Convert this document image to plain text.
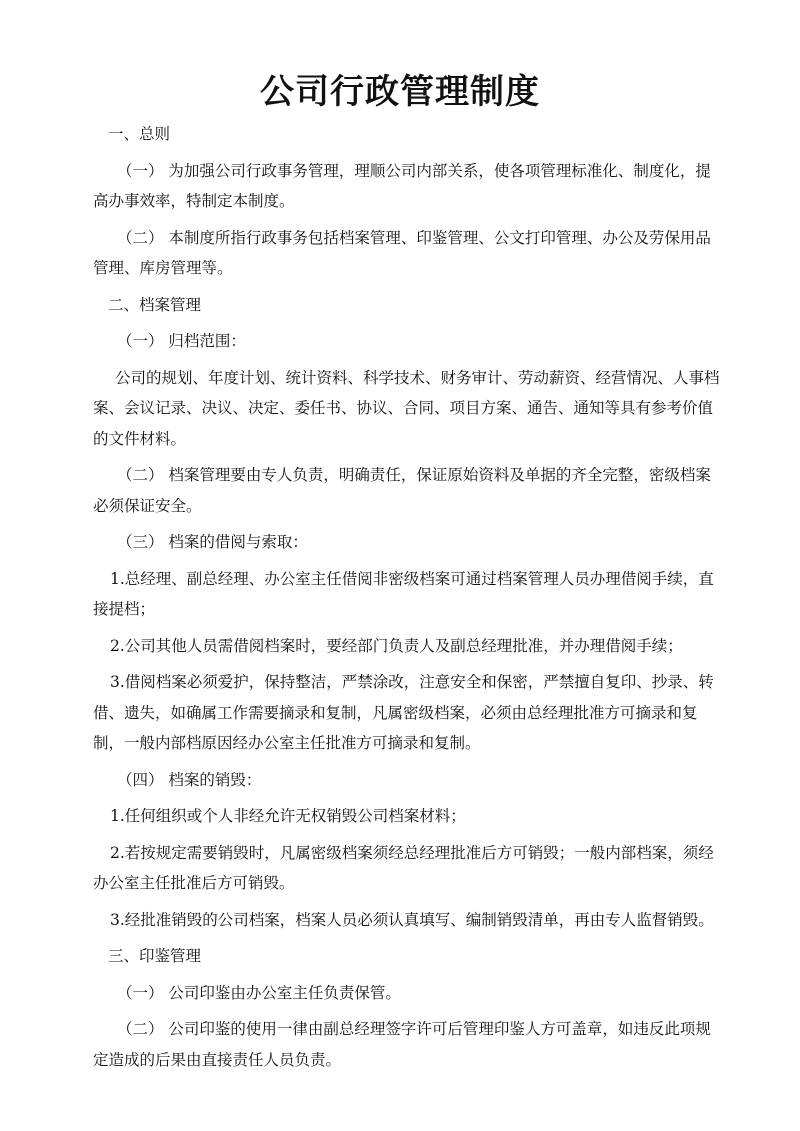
公司行政管理制度

一、总则

（一） 为加强公司行政事务管理，理顺公司内部关系，使各项管理标准化、制度化，提高办事效率，特制定本制度。

（二） 本制度所指行政事务包括档案管理、印鉴管理、公文打印管理、办公及劳保用品管理、库房管理等。

二、档案管理

（一） 归档范围：

公司的规划、年度计划、统计资料、科学技术、财务审计、劳动薪资、经营情况、人事档案、会议记录、决议、决定、委任书、协议、合同、项目方案、通告、通知等具有参考价值的文件材料。

（二） 档案管理要由专人负责，明确责任，保证原始资料及单据的齐全完整，密级档案必须保证安全。

（三） 档案的借阅与索取：

1.总经理、副总经理、办公室主任借阅非密级档案可通过档案管理人员办理借阅手续，直接提档；

2.公司其他人员需借阅档案时，要经部门负责人及副总经理批准，并办理借阅手续；

3.借阅档案必须爱护，保持整洁，严禁涂改，注意安全和保密，严禁擅自复印、抄录、转借、遗失，如确属工作需要摘录和复制，凡属密级档案，必须由总经理批准方可摘录和复制，一般内部档原因经办公室主任批准方可摘录和复制。

（四） 档案的销毁：

1.任何组织或个人非经允许无权销毁公司档案材料；

2.若按规定需要销毁时，凡属密级档案须经总经理批准后方可销毁；一般内部档案，须经办公室主任批准后方可销毁。

3.经批准销毁的公司档案，档案人员必须认真填写、编制销毁清单，再由专人监督销毁。

三、印鉴管理

（一） 公司印鉴由办公室主任负责保管。

（二） 公司印鉴的使用一律由副总经理签字许可后管理印鉴人方可盖章，如违反此项规定造成的后果由直接责任人员负责。
